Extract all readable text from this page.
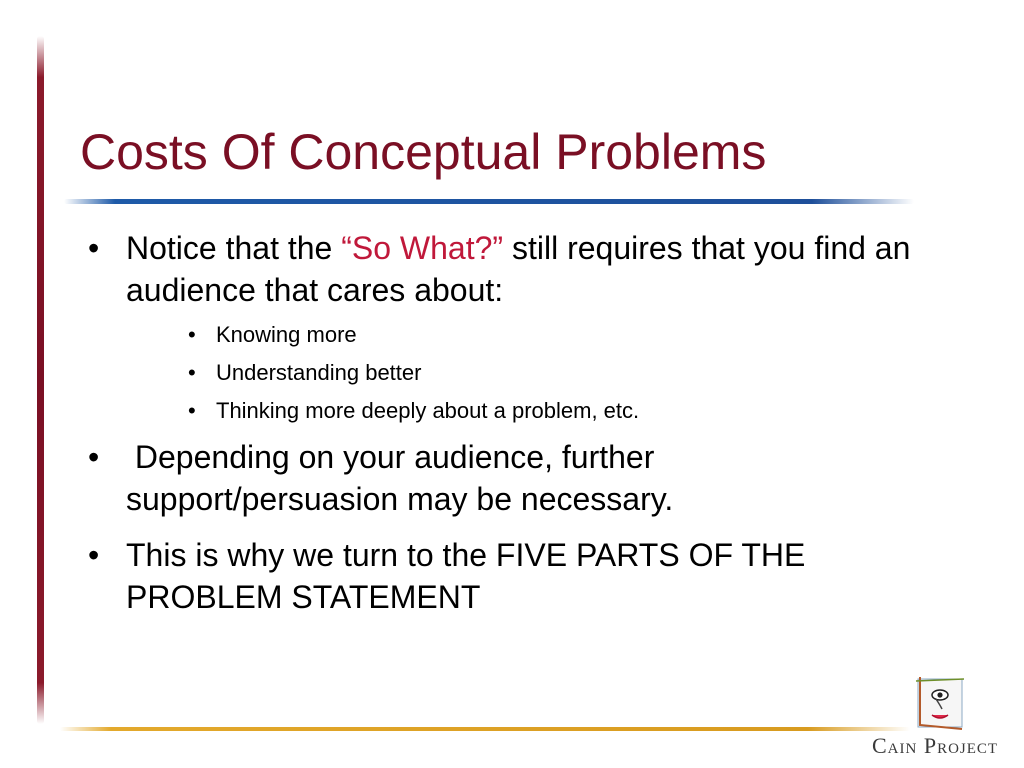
Costs Of Conceptual Problems
• Notice that the “So What?” still requires that you find an audience that cares about:
• Knowing more
• Understanding better
• Thinking more deeply about a problem, etc.
• Depending on your audience, further support/persuasion may be necessary.
• This is why we turn to the FIVE PARTS OF THE PROBLEM STATEMENT
Cain Project
